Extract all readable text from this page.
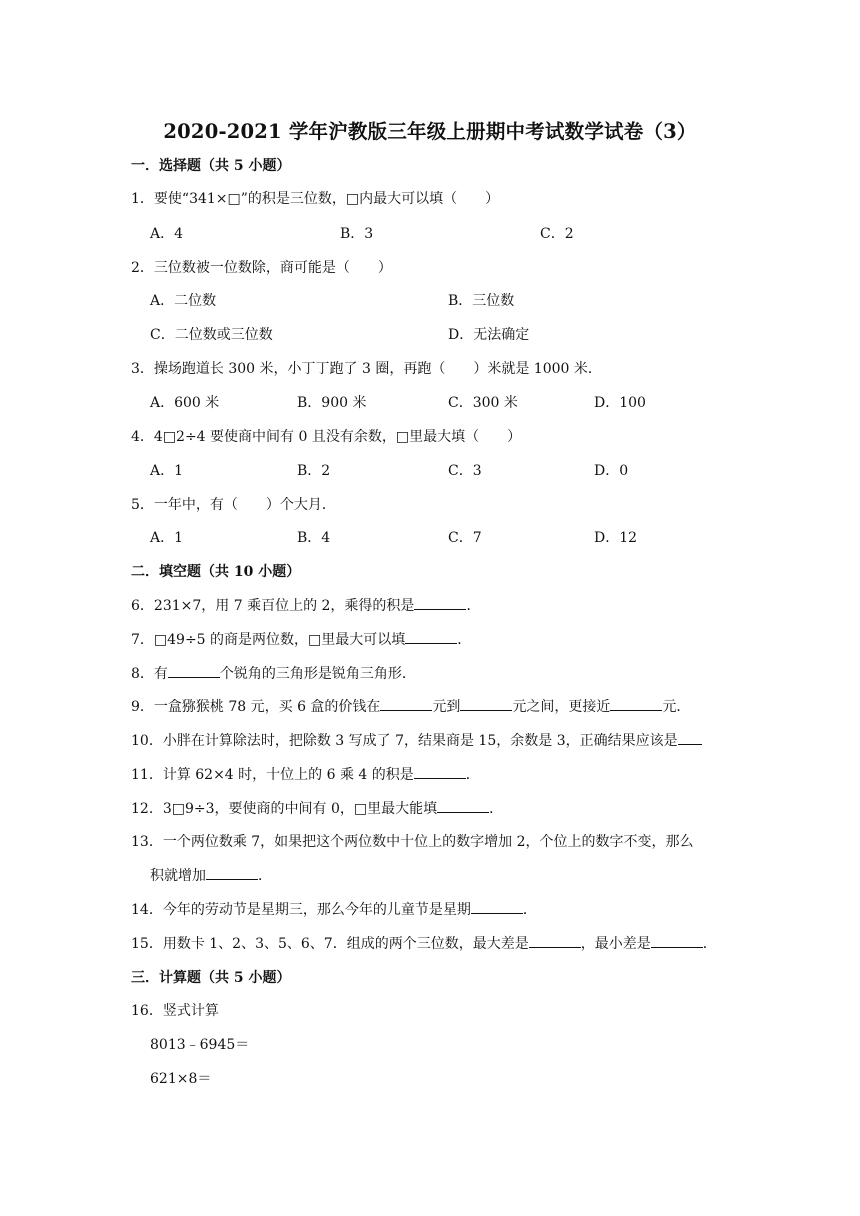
2020-2021 学年沪教版三年级上册期中考试数学试卷（3）
一．选择题（共 5 小题）
1．要使“341×□”的积是三位数，□内最大可以填（　　）
A．4	B．3	C．2
2．三位数被一位数除，商可能是（　　）
A．二位数	B．三位数
C．二位数或三位数	D．无法确定
3．操场跑道长 300 米，小丁丁跑了 3 圈，再跑（　　）米就是 1000 米．
A．600 米	B．900 米	C．300 米	D．100
4．4□2÷4 要使商中间有 0 且没有余数，□里最大填（　　）
A．1	B．2	C．3	D．0
5．一年中，有（　　）个大月．
A．1	B．4	C．7	D．12
二．填空题（共 10 小题）
6．231×7，用 7 乘百位上的 2，乘得的积是	．
7．□49÷5 的商是两位数，□里最大可以填	．
8．有	个锐角的三角形是锐角三角形．
9．一盒猕猴桃 78 元，买 6 盒的价钱在	元到	元之间，更接近	元．
10．小胖在计算除法时，把除数 3 写成了 7，结果商是 15，余数是 3，正确结果应该是
11．计算 62×4 时，十位上的 6 乘 4 的积是	．
12．3□9÷3，要使商的中间有 0，□里最大能填	．
13．一个两位数乘 7，如果把这个两位数中十位上的数字增加 2，个位上的数字不变，那么
积就增加	．
14．今年的劳动节是星期三，那么今年的儿童节是星期	．
15．用数卡 1、2、3、5、6、7．组成的两个三位数，最大差是	，最小差是	．
三．计算题（共 5 小题）
16．竖式计算
8013﹣6945＝
621×8＝
